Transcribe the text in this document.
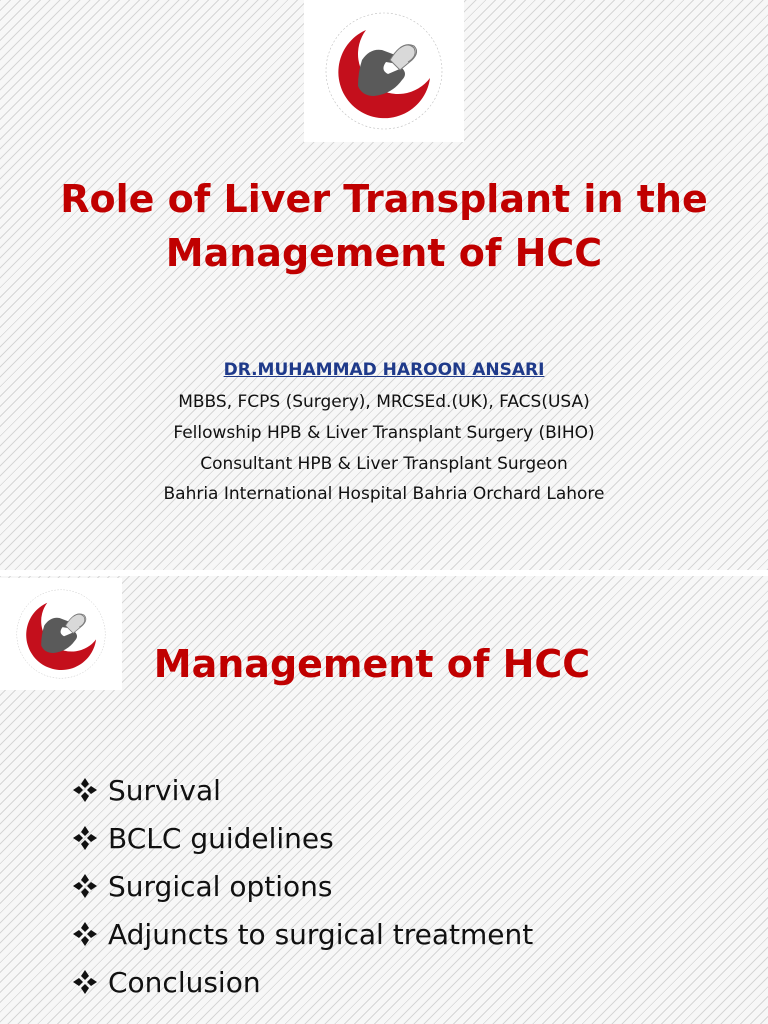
Role of Liver Transplant in the
Management of HCC
DR.MUHAMMAD HAROON ANSARI
MBBS, FCPS (Surgery), MRCSEd.(UK), FACS(USA)
Fellowship HPB & Liver Transplant Surgery (BIHO)
Consultant HPB & Liver Transplant Surgeon
Bahria International Hospital Bahria Orchard Lahore
Management of HCC
Survival
BCLC guidelines
Surgical options
Adjuncts to surgical treatment
Conclusion
